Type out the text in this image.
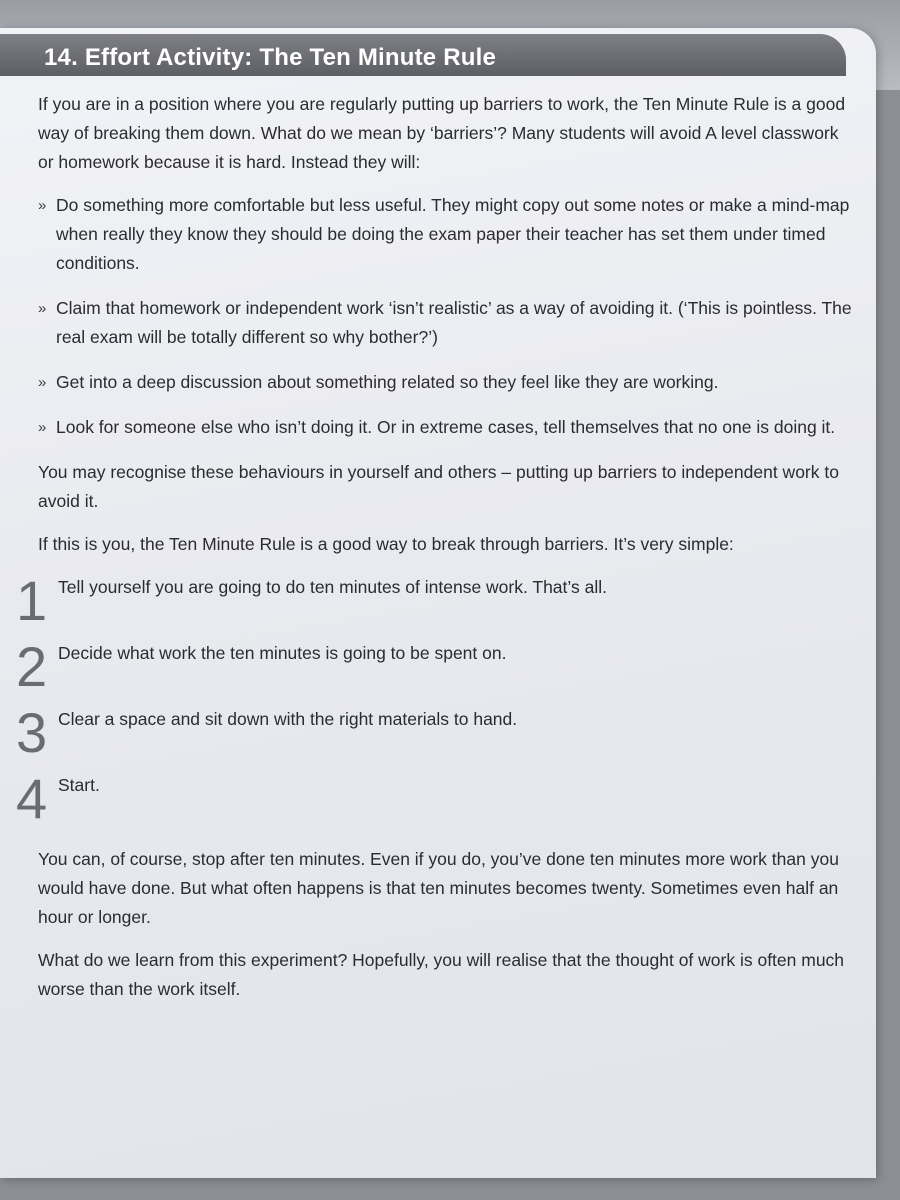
14. Effort Activity: The Ten Minute Rule

If you are in a position where you are regularly putting up barriers to work, the Ten Minute Rule is a good way of breaking them down. What do we mean by ‘barriers’? Many students will avoid A level classwork or homework because it is hard. Instead they will:

» Do something more comfortable but less useful. They might copy out some notes or make a mind-map when really they know they should be doing the exam paper their teacher has set them under timed conditions.
» Claim that homework or independent work ‘isn’t realistic’ as a way of avoiding it. (‘This is pointless. The real exam will be totally different so why bother?’)
» Get into a deep discussion about something related so they feel like they are working.
» Look for someone else who isn’t doing it. Or in extreme cases, tell themselves that no one is doing it.

You may recognise these behaviours in yourself and others – putting up barriers to independent work to avoid it.

If this is you, the Ten Minute Rule is a good way to break through barriers. It’s very simple:

1 Tell yourself you are going to do ten minutes of intense work. That’s all.
2 Decide what work the ten minutes is going to be spent on.
3 Clear a space and sit down with the right materials to hand.
4 Start.

You can, of course, stop after ten minutes. Even if you do, you’ve done ten minutes more work than you would have done. But what often happens is that ten minutes becomes twenty. Sometimes even half an hour or longer.

What do we learn from this experiment? Hopefully, you will realise that the thought of work is often much worse than the work itself.
